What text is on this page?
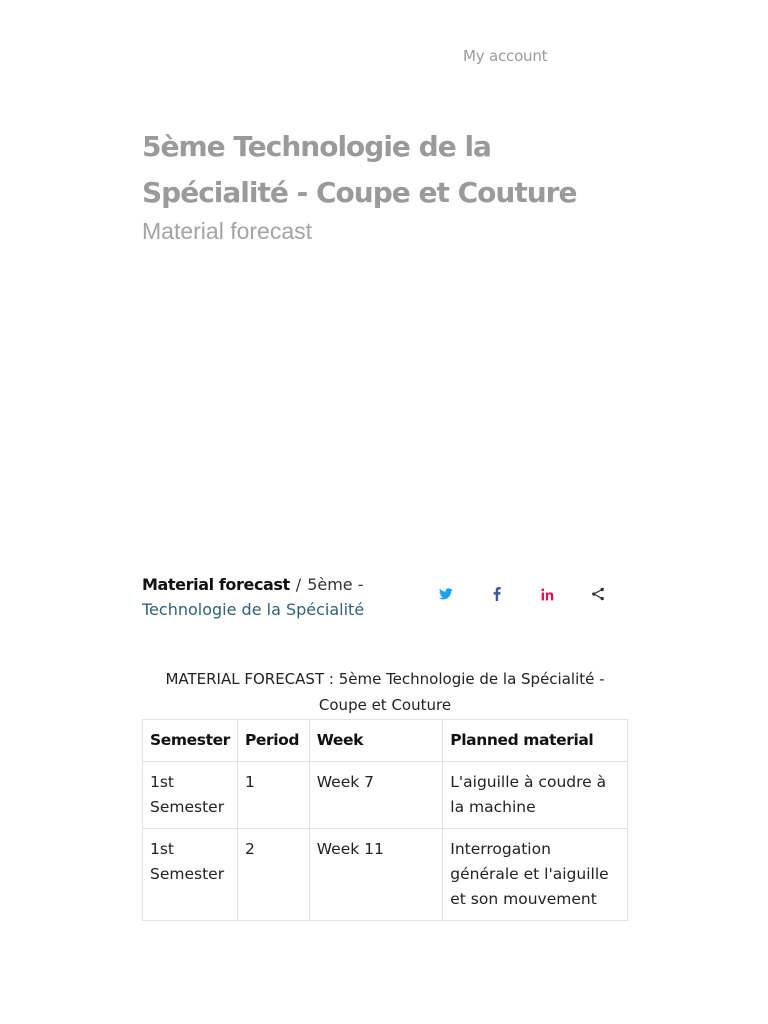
My account
5ème Technologie de la Spécialité - Coupe et Couture

Material forecast

Material forecast / 5ème - Technologie de la Spécialité
MATERIAL FORECAST : 5ème Technologie de la Spécialité - Coupe et Couture
Semester	Period	Week	Planned material
1st Semester	1	Week 7	L'aiguille à coudre à la machine
1st Semester	2	Week 11	Interrogation générale et l'aiguille et son mouvement
